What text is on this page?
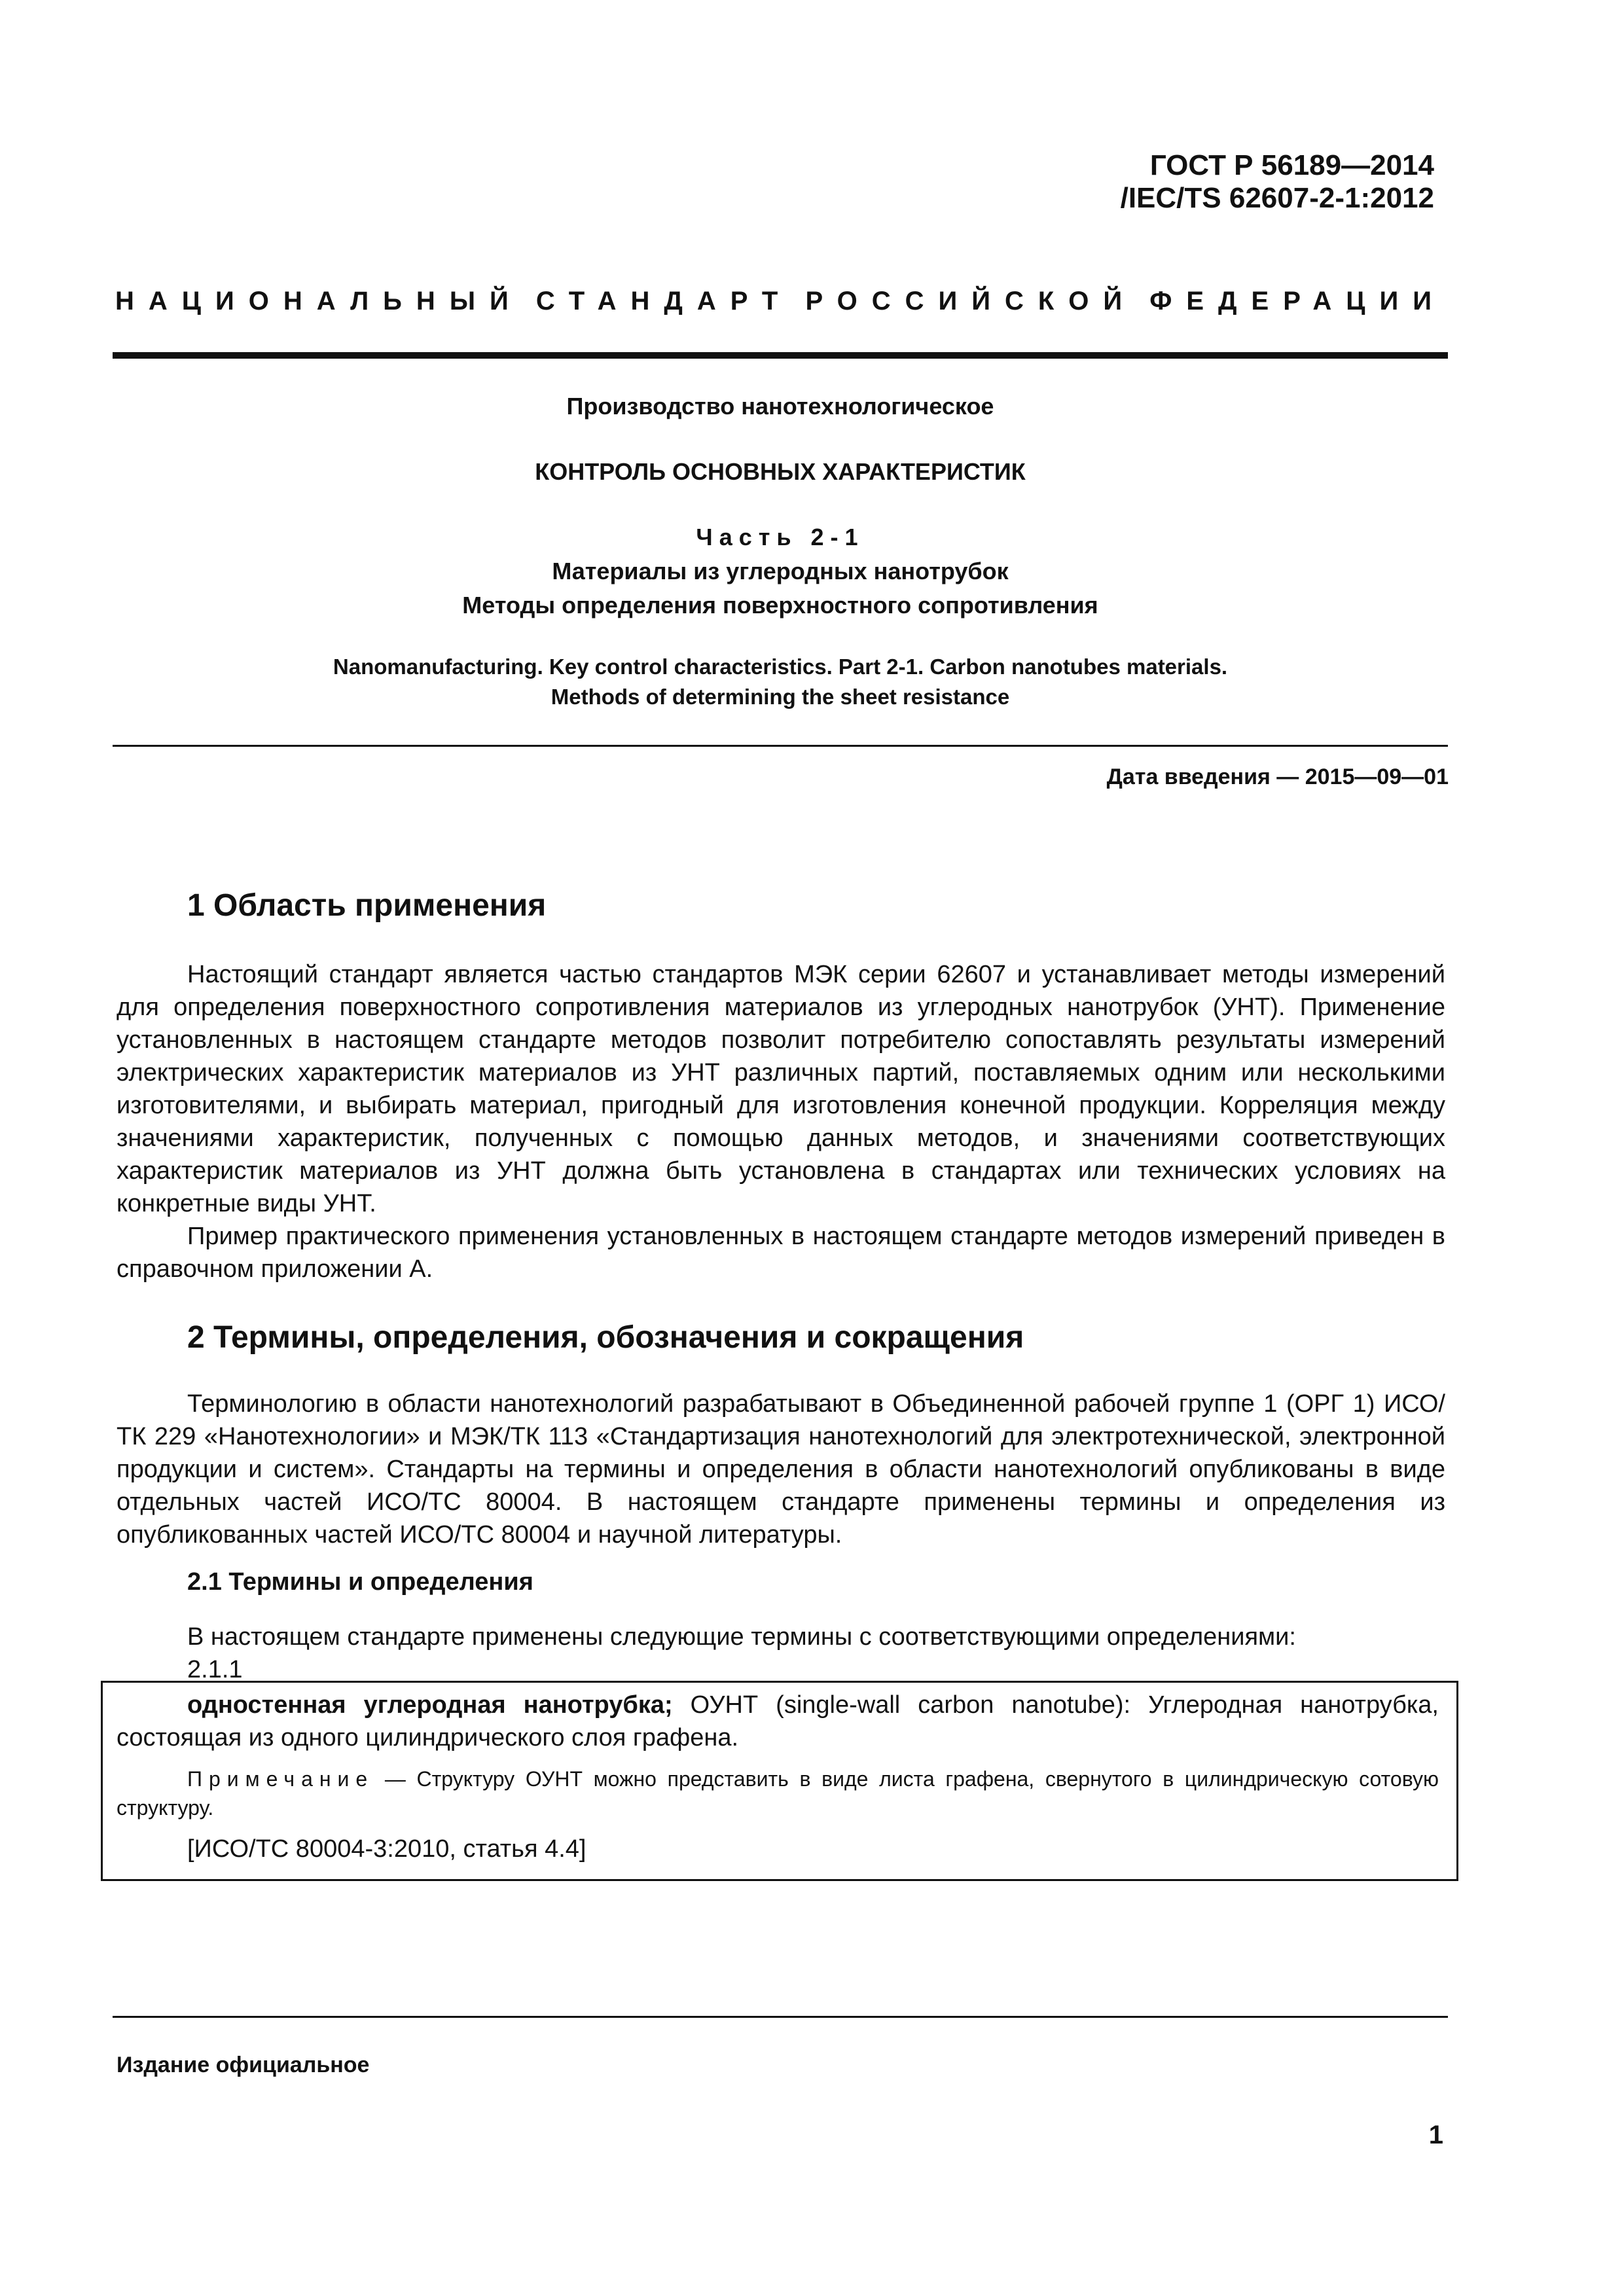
ГОСТ Р 56189—2014
/IEC/TS 62607-2-1:2012
НАЦИОНАЛЬНЫЙ СТАНДАРТ РОССИЙСКОЙ ФЕДЕРАЦИИ
Производство нанотехнологическое
КОНТРОЛЬ ОСНОВНЫХ ХАРАКТЕРИСТИК
Часть 2-1
Материалы из углеродных нанотрубок
Методы определения поверхностного сопротивления
Nanomanufacturing. Key control characteristics. Part 2-1. Carbon nanotubes materials.
Methods of determining the sheet resistance
Дата введения — 2015—09—01
1 Область применения

Настоящий стандарт является частью стандартов МЭК серии 62607 и устанавливает методы измерений для определения поверхностного сопротивления материалов из углеродных нанотрубок (УНТ). Применение установленных в настоящем стандарте методов позволит потребителю сопоставлять результаты измерений электрических характеристик материалов из УНТ различных партий, поставляемых одним или несколькими изготовителями, и выбирать материал, пригодный для изготовления конечной продукции. Корреляция между значениями характеристик, полученных с помощью данных методов, и значениями соответствующих характеристик материалов из УНТ должна быть установлена в стандартах или технических условиях на конкретные виды УНТ.

Пример практического применения установленных в настоящем стандарте методов измерений приведен в справочном приложении А.

2 Термины, определения, обозначения и сокращения

Терминологию в области нанотехнологий разрабатывают в Объединенной рабочей группе 1 (ОРГ 1) ИСО/ТК 229 «Нанотехнологии» и МЭК/ТК 113 «Стандартизация нанотехнологий для электротехнической, электронной продукции и систем». Стандарты на термины и определения в области нанотехнологий опубликованы в виде отдельных частей ИСО/ТС 80004. В настоящем стандарте применены термины и определения из опубликованных частей ИСО/ТС 80004 и научной литературы.

2.1 Термины и определения

В настоящем стандарте применены следующие термины с соответствующими определениями:

2.1.1

одностенная углеродная нанотрубка; ОУНТ (single-wall carbon nanotube): Углеродная нанотрубка, состоящая из одного цилиндрического слоя графена.
Примечание — Структуру ОУНТ можно представить в виде листа графена, свернутого в цилиндрическую сотовую структуру.
[ИСО/ТС 80004-3:2010, статья 4.4]
Издание официальное
1
